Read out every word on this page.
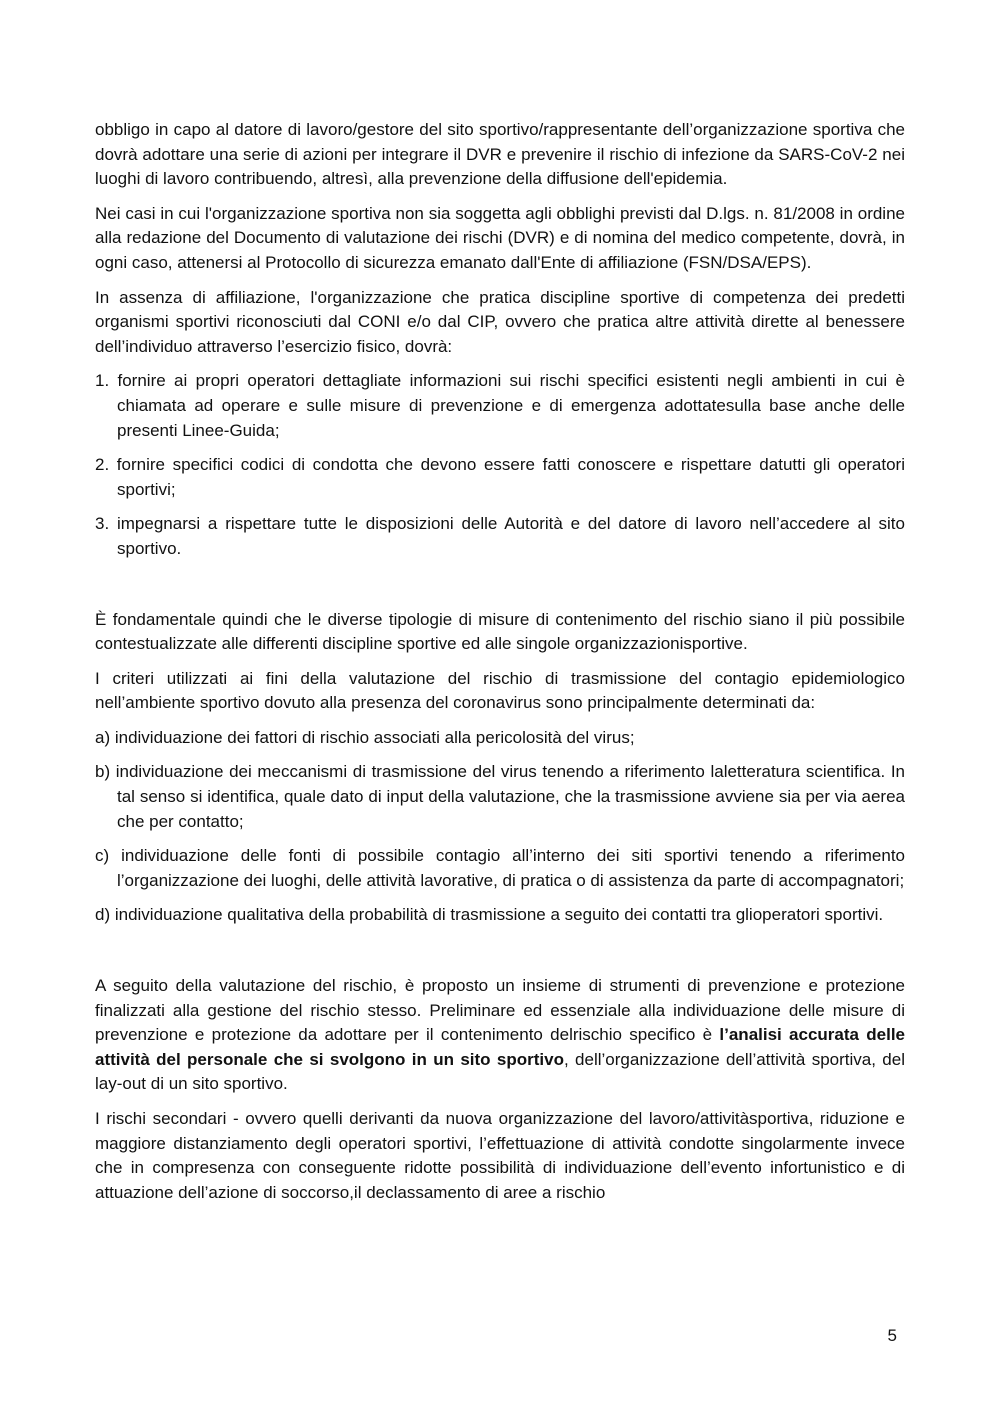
obbligo in capo al datore di lavoro/gestore del sito sportivo/rappresentante dell’organizzazione sportiva che dovrà adottare una serie di azioni per integrare il DVR e prevenire il rischio di infezione da SARS-CoV-2 nei luoghi di lavoro contribuendo, altresì, alla prevenzione della diffusione dell'epidemia.

Nei casi in cui l'organizzazione sportiva non sia soggetta agli obblighi previsti dal D.lgs. n. 81/2008 in ordine alla redazione del Documento di valutazione dei rischi (DVR) e di nomina del medico competente, dovrà, in ogni caso, attenersi al Protocollo di sicurezza emanato dall'Ente di affiliazione (FSN/DSA/EPS).

In assenza di affiliazione, l'organizzazione che pratica discipline sportive di competenza dei predetti organismi sportivi riconosciuti dal CONI e/o dal CIP, ovvero che pratica altre attività dirette al benessere dell’individuo attraverso l’esercizio fisico, dovrà:

1. fornire ai propri operatori dettagliate informazioni sui rischi specifici esistenti negli ambienti in cui è chiamata ad operare e sulle misure di prevenzione e di emergenza adottatesulla base anche delle presenti Linee-Guida;
2. fornire specifici codici di condotta che devono essere fatti conoscere e rispettare datutti gli operatori sportivi;
3. impegnarsi a rispettare tutte le disposizioni delle Autorità e del datore di lavoro nell’accedere al sito sportivo.

È fondamentale quindi che le diverse tipologie di misure di contenimento del rischio siano il più possibile contestualizzate alle differenti discipline sportive ed alle singole organizzazionisportive.

I criteri utilizzati ai fini della valutazione del rischio di trasmissione del contagio epidemiologico nell’ambiente sportivo dovuto alla presenza del coronavirus sono principalmente determinati da:

a) individuazione dei fattori di rischio associati alla pericolosità del virus;
b) individuazione dei meccanismi di trasmissione del virus tenendo a riferimento laletteratura scientifica. In tal senso si identifica, quale dato di input della valutazione, che la trasmissione avviene sia per via aerea che per contatto;
c) individuazione delle fonti di possibile contagio all’interno dei siti sportivi tenendo a riferimento l’organizzazione dei luoghi, delle attività lavorative, di pratica o di assistenza da parte di accompagnatori;
d) individuazione qualitativa della probabilità di trasmissione a seguito dei contatti tra glioperatori sportivi.

A seguito della valutazione del rischio, è proposto un insieme di strumenti di prevenzione e protezione finalizzati alla gestione del rischio stesso. Preliminare ed essenziale alla individuazione delle misure di prevenzione e protezione da adottare per il contenimento delrischio specifico è l’analisi accurata delle attività del personale che si svolgono in un sito sportivo, dell’organizzazione dell’attività sportiva, del lay-out di un sito sportivo.

I rischi secondari - ovvero quelli derivanti da nuova organizzazione del lavoro/attivitàsportiva, riduzione e maggiore distanziamento degli operatori sportivi, l’effettuazione di attività condotte singolarmente invece che in compresenza con conseguente ridotte possibilità di individuazione dell’evento infortunistico e di attuazione dell’azione di soccorso,il declassamento di aree a rischio

5
